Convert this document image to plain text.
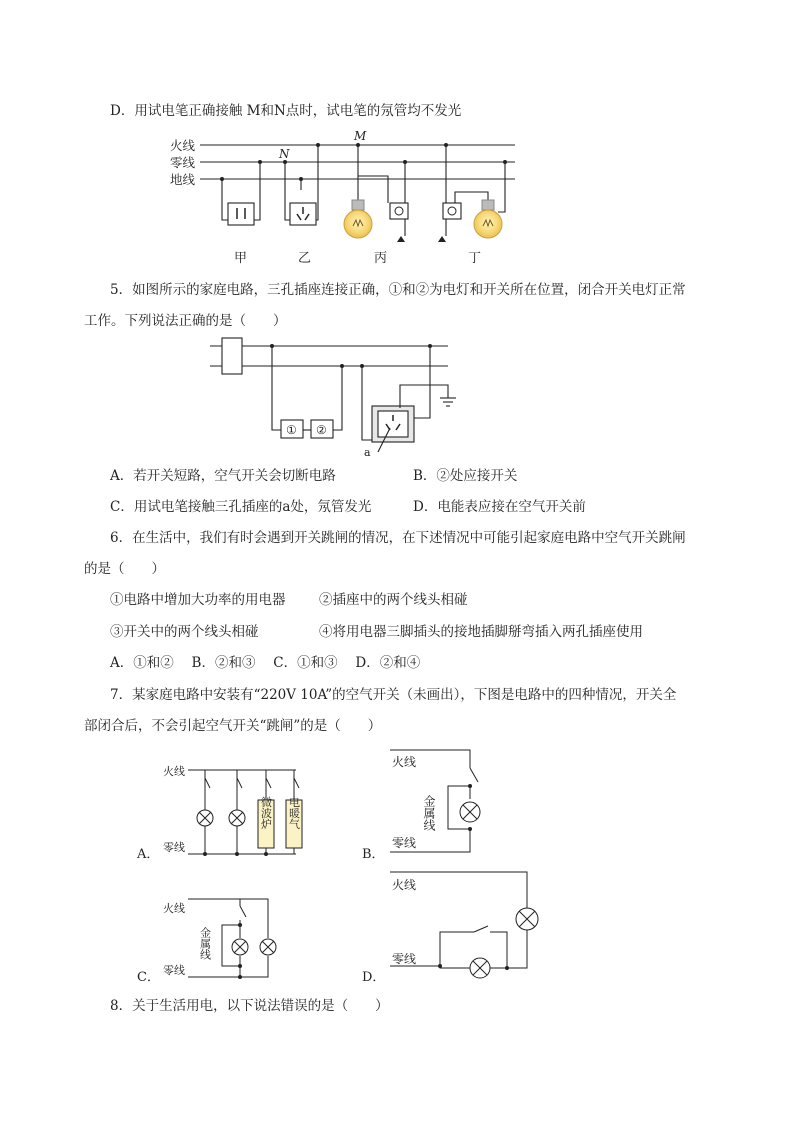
D．用试电笔正确接触 M和N点时，试电笔的氖管均不发光
火线
零线
地线
M
N
甲	乙	丙	丁
5．如图所示的家庭电路，三孔插座连接正确，①和②为电灯和开关所在位置，闭合开关电灯正常
工作。下列说法正确的是（　　）
① ②
a
A．若开关短路，空气开关会切断电路	B．②处应接开关
C．用试电笔接触三孔插座的a处，氖管发光	D．电能表应接在空气开关前
6．在生活中，我们有时会遇到开关跳闸的情况，在下述情况中可能引起家庭电路中空气开关跳闸
的是（　　）
①电路中增加大功率的用电器 ②插座中的两个线头相碰
③开关中的两个线头相碰	④将用电器三脚插头的接地插脚掰弯插入两孔插座使用
A．①和②　 B．②和③　 C．①和③　 D．②和④
7．某家庭电路中安装有“220V 10A”的空气开关（未画出），下图是电路中的四种情况，开关全
部闭合后，不会引起空气开关“跳闸”的是（　　）
火线
零线
A．
微波炉 电暖气
火线
零线
B．
金属线
火线
零线
C．
金属线
火线
零线
D．
8．关于生活用电，以下说法错误的是（　　）
